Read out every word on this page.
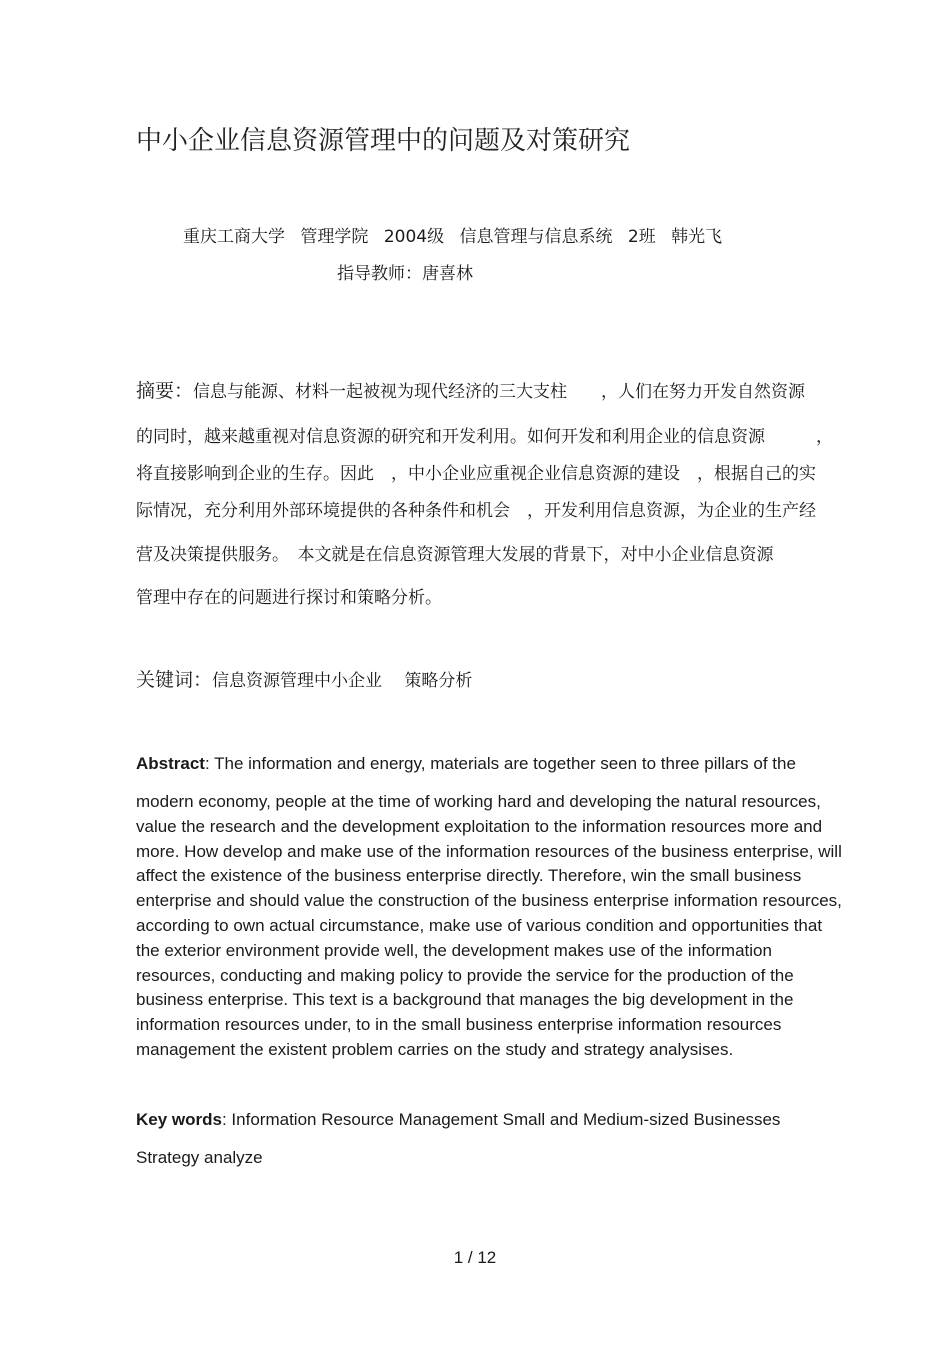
中小企业信息资源管理中的问题及对策研究
重庆工商大学 管理学院 2004级 信息管理与信息系统 2班 韩光飞
指导教师：唐喜林
摘要：信息与能源、材料一起被视为现代经济的三大支柱　　，人们在努力开发自然资源
的同时，越来越重视对信息资源的研究和开发利用。如何开发和利用企业的信息资源　　　，
将直接影响到企业的生存。因此　，中小企业应重视企业信息资源的建设　，根据自己的实
际情况，充分利用外部环境提供的各种条件和机会　，开发利用信息资源，为企业的生产经
营及决策提供服务。　本文就是在信息资源管理大发展的背景下，对中小企业信息资源
管理中存在的问题进行探讨和策略分析。
关键词：信息资源管理中小企业　 策略分析
Abstract: The information and energy, materials are together seen to three pillars of the
modern economy, people at the time of working hard and developing the natural resources,
value the research and the development exploitation to the information resources more and
more. How develop and make use of the information resources of the business enterprise, will
affect the existence of the business enterprise directly. Therefore, win the small business
enterprise and should value the construction of the business enterprise information resources,
according to own actual circumstance, make use of various condition and opportunities that
the exterior environment provide well, the development makes use of the information
resources, conducting and making policy to provide the service for the production of the
business enterprise. This text is a background that manages the big development in the
information resources under, to in the small business enterprise information resources
management the existent problem carries on the study and strategy analysises.
Key words: Information Resource Management Small and Medium-sized Businesses
Strategy analyze
1 / 12
